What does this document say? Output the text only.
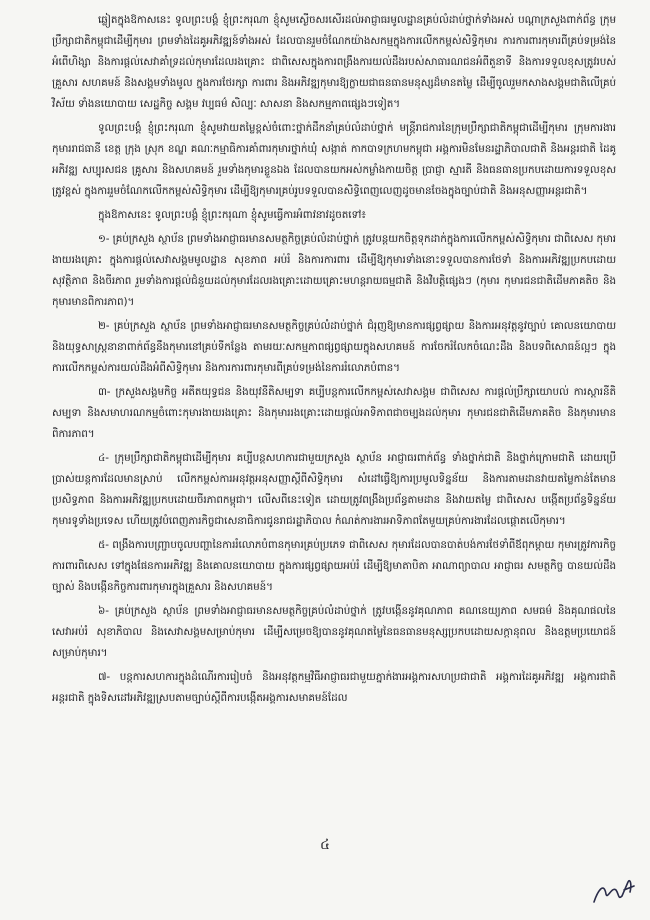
ឆ្លៀតក្នុងឱកាសនេះ ទូលព្រះបង្គំ ខ្ញុំព្រះករុណា ខ្ញុំសូមស្ងើចសរសើរដល់អាជ្ញាធរមូលដ្ឋានគ្រប់លំដាប់ថ្នាក់ទាំងអស់ បណ្តាក្រសួងពាក់ព័ន្ធ ក្រុមប្រឹក្សាជាតិកម្ពុជាដើម្បីកុមារ ព្រមទាំងដៃគូអភិវឌ្ឍន៍ទាំងអស់ ដែលបានរួមចំណែកយ៉ាងសកម្មក្នុងការលើកកម្ពស់សិទ្ធិកុមារ ការការពារកុមារពីគ្រប់ទម្រង់នៃអំពើហិង្សា និងការផ្តល់សេវាគាំទ្រដល់កុមារដែលរងគ្រោះ ជាពិសេសក្នុងការពង្រឹងការយល់ដឹងរបស់សាធារណជនអំពីតួនាទី និងការទទួលខុសត្រូវរបស់គ្រួសារ សហគមន៍ និងសង្គមទាំងមូល ក្នុងការថែរក្សា ការពារ និងអភិវឌ្ឍកុមារឱ្យក្លាយជាធនធានមនុស្សដ៏មានតម្លៃ ដើម្បីចូលរួមកសាងសង្គមជាតិលើគ្រប់វិស័យ ទាំងនយោបាយ សេដ្ឋកិច្ច សង្គម វប្បធម៌ សិល្បៈ សាសនា និងសកម្មភាពផ្សេងៗទៀត។

ទូលព្រះបង្គំ ខ្ញុំព្រះករុណា ខ្ញុំសូមវាយតម្លៃខ្ពស់ចំពោះថ្នាក់ដឹកនាំគ្រប់លំដាប់ថ្នាក់ មន្ត្រីរាជការនៃក្រុមប្រឹក្សាជាតិកម្ពុជាដើម្បីកុមារ ក្រុមការងារកុមាររាជធានី ខេត្ត ក្រុង ស្រុក ខណ្ឌ គណៈកម្មាធិការគាំពារកុមារថ្នាក់ឃុំ សង្កាត់ កាកបាទក្រហមកម្ពុជា អង្គការមិនមែនរដ្ឋាភិបាលជាតិ និងអន្តរជាតិ ដៃគូអភិវឌ្ឍ សប្បុរសជន គ្រូសារ និងសហគមន៍ រួមទាំងកុមារខ្លួនឯង ដែលបានយកអស់កម្លាំងកាយចិត្ត ប្រាជ្ញា ស្មារតី និងធនធានប្រកបដោយការទទួលខុសត្រូវខ្ពស់ ក្នុងការរួមចំណែកលើកកម្ពស់សិទ្ធិកុមារ ដើម្បីឱ្យកុមារគ្រប់រូបទទួលបានសិទ្ធិពេញលេញដូចមានចែងក្នុងច្បាប់ជាតិ និងអនុសញ្ញាអន្តរជាតិ។

ក្នុងឱកាសនេះ ទូលព្រះបង្គំ ខ្ញុំព្រះករុណា ខ្ញុំសូមធ្វើការអំពាវនាវដូចតទៅ៖

១- គ្រប់ក្រសួង ស្ថាប័ន ព្រមទាំងអាជ្ញាធរមានសមត្ថកិច្ចគ្រប់លំដាប់ថ្នាក់ ត្រូវបន្តយកចិត្តទុកដាក់ក្នុងការលើកកម្ពស់សិទ្ធិកុមារ ជាពិសេស កុមារងាយរងគ្រោះ ក្នុងការផ្តល់សេវាសង្គមមូលដ្ឋាន សុខភាព អប់រំ និងការការពារ ដើម្បីឱ្យកុមារទាំងនោះទទួលបានការថែទាំ និងការអភិវឌ្ឍប្រកបដោយសុវត្ថិភាព និងចីរភាព រួមទាំងការផ្តល់ជំនួយដល់កុមារដែលរងគ្រោះដោយគ្រោះមហន្តរាយធម្មជាតិ និងវិបត្តិផ្សេងៗ (កុមារ កុមារជនជាតិដើមភាគតិច និងកុមារមានពិការភាព)។

២- គ្រប់ក្រសួង ស្ថាប័ន ព្រមទាំងអាជ្ញាធរមានសមត្ថកិច្ចគ្រប់លំដាប់ថ្នាក់ ជំរុញឱ្យមានការផ្សព្វផ្សាយ និងការអនុវត្តនូវច្បាប់ គោលនយោបាយ និងយុទ្ធសាស្ត្រនានាពាក់ព័ន្ធនឹងកុមារនៅគ្រប់ទីកន្លែង តាមរយៈសកម្មភាពផ្សព្វផ្សាយក្នុងសហគមន៍ ការចែករំលែកចំណេះដឹង និងបទពិសោធន៍ល្អៗ ក្នុងការលើកកម្ពស់ការយល់ដឹងអំពីសិទ្ធិកុមារ និងការការពារកុមារពីគ្រប់ទម្រង់នៃការរំលោភបំពាន។

៣- ក្រសួងសង្គមកិច្ច អតីតយុទ្ធជន និងយុវនីតិសម្បទា គប្បីបន្តការលើកកម្ពស់សេវាសង្គម ជាពិសេស ការផ្តល់ប្រឹក្សាយោបល់ ការស្តារនីតិសម្បទា និងសមាហរណកម្មចំពោះកុមារងាយរងគ្រោះ និងកុមាររងគ្រោះដោយផ្តល់អាទិភាពជាចម្បងដល់កុមារ កុមារជនជាតិដើមភាគតិច និងកុមារមានពិការភាព។

៤- ក្រុមប្រឹក្សាជាតិកម្ពុជាដើម្បីកុមារ គប្បីបន្តសហការជាមួយក្រសួង ស្ថាប័ន អាជ្ញាធរពាក់ព័ន្ធ ទាំងថ្នាក់ជាតិ និងថ្នាក់ក្រោមជាតិ ដោយប្រើប្រាស់យន្តការដែលមានស្រាប់ លើកកម្ពស់ការអនុវត្តអនុសញ្ញាស្តីពីសិទ្ធិកុមារ សំដៅធ្វើឱ្យការប្រមូលទិន្នន័យ និងការតាមដានវាយតម្លៃកាន់តែមានប្រសិទ្ធភាព និងការអភិវឌ្ឍប្រកបដោយចីរភាពកម្ពុជា។ លើសពីនេះទៀត ដោយត្រូវពង្រឹងប្រព័ន្ធតាមដាន និងវាយតម្លៃ ជាពិសេស បង្កើតប្រព័ន្ធទិន្នន័យកុមារទូទាំងប្រទេស ហើយត្រូវបំពេញភារកិច្ចជាសេនាធិការជូនរាជរដ្ឋាភិបាល កំណត់ការងារអាទិភាពតែមួយគ្រប់ការងារដែលផ្តោតលើកុមារ។

៥- ពង្រឹងការបញ្ជ្រាបចូលបញ្ហានៃការរំលោភបំពានកុមារគ្រប់ប្រភេទ ជាពិសេស កុមារដែលបានបាត់បង់ការថែទាំពីឪពុកម្តាយ កុមារត្រូវការកិច្ចការពារពិសេស ទៅក្នុងផែនការអភិវឌ្ឍ និងគោលនយោបាយ ក្នុងការផ្សព្វផ្សាយអប់រំ ដើម្បីឱ្យមាតាបិតា អាណាព្យាបាល អាជ្ញាធរ សមត្ថកិច្ច បានយល់ដឹងច្បាស់ និងបង្កើនកិច្ចការពារកុមារក្នុងគ្រួសារ និងសហគមន៍។

៦- គ្រប់ក្រសួង ស្ថាប័ន ព្រមទាំងអាជ្ញាធរមានសមត្ថកិច្ចគ្រប់លំដាប់ថ្នាក់ ត្រូវបង្កើននូវគុណភាព គណនេយ្យភាព សមធម៌ និងគុណផលនៃសេវាអប់រំ សុខាភិបាល និងសេវាសង្គមសម្រាប់កុមារ ដើម្បីសម្រេចឱ្យបាននូវគុណតម្លៃនៃធនធានមនុស្សប្រកបដោយសក្តានុពល និងឧត្តមប្រយោជន៍សម្រាប់កុមារ។

៧- បន្តការសហការក្នុងដំណើរការរៀបចំ និងអនុវត្តកម្មវិធីអាជ្ញាធរជាមួយភ្នាក់ងារអង្គការសហប្រជាជាតិ អង្គការដៃគូអភិវឌ្ឍ អង្គការជាតិ អន្តរជាតិ ក្នុងទិសដៅអភិវឌ្ឍស្របតាមច្បាប់ស្តីពីការបង្កើតអង្គការសមាគមន៍ដែល

៤
